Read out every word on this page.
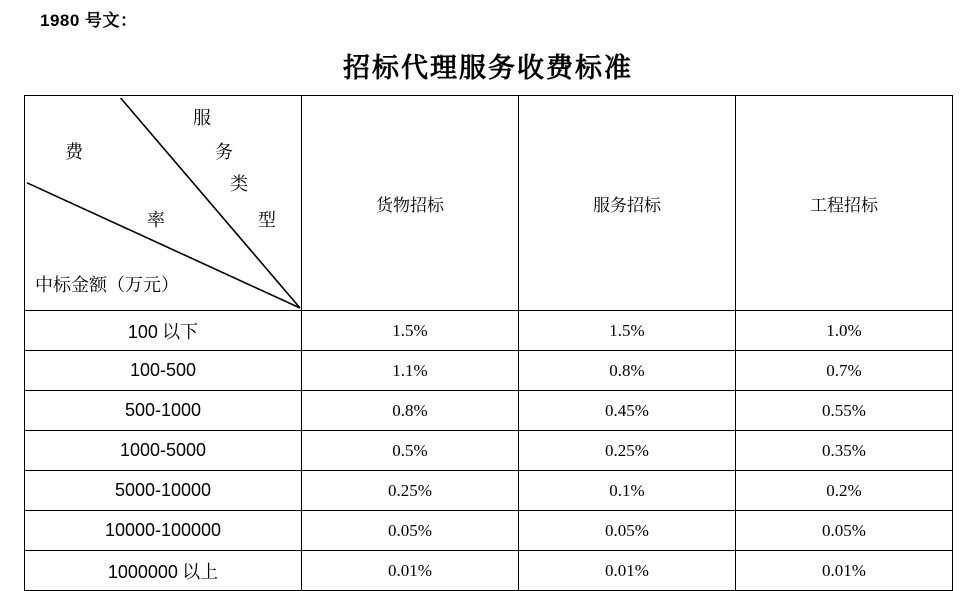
1980 号文：
招标代理服务收费标准
费
服
务
类
率	型
中标金额（万元）
	货物招标	服务招标	工程招标
100 以下	1.5%	1.5%	1.0%
100-500	1.1%	0.8%	0.7%
500-1000	0.8%	0.45%	0.55%
1000-5000	0.5%	0.25%	0.35%
5000-10000	0.25%	0.1%	0.2%
10000-100000	0.05%	0.05%	0.05%
1000000 以上	0.01%	0.01%	0.01%
